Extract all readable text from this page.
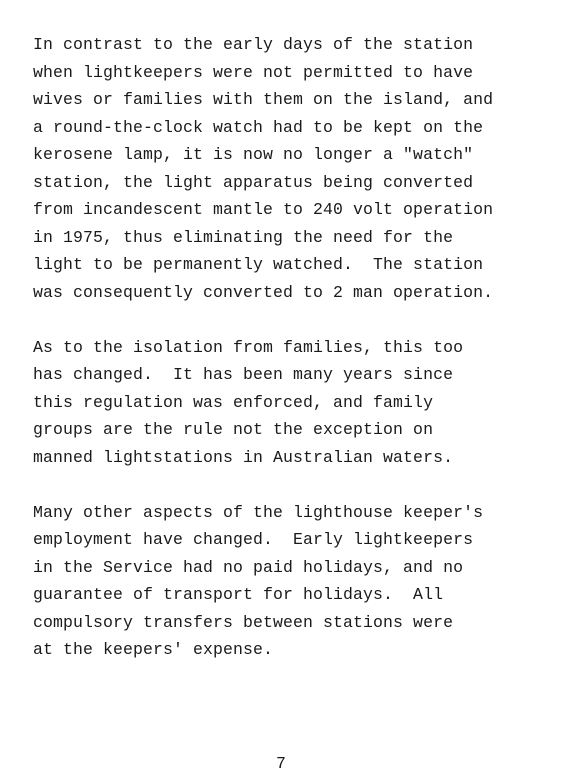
In contrast to the early days of the station
when lightkeepers were not permitted to have
wives or families with them on the island, and
a round-the-clock watch had to be kept on the
kerosene lamp, it is now no longer a "watch"
station, the light apparatus being converted
from incandescent mantle to 240 volt operation
in 1975, thus eliminating the need for the
light to be permanently watched.  The station
was consequently converted to 2 man operation.
As to the isolation from families, this too
has changed.  It has been many years since
this regulation was enforced, and family
groups are the rule not the exception on
manned lightstations in Australian waters.
Many other aspects of the lighthouse keeper's
employment have changed.  Early lightkeepers
in the Service had no paid holidays, and no
guarantee of transport for holidays.  All
compulsory transfers between stations were
at the keepers' expense.
7
